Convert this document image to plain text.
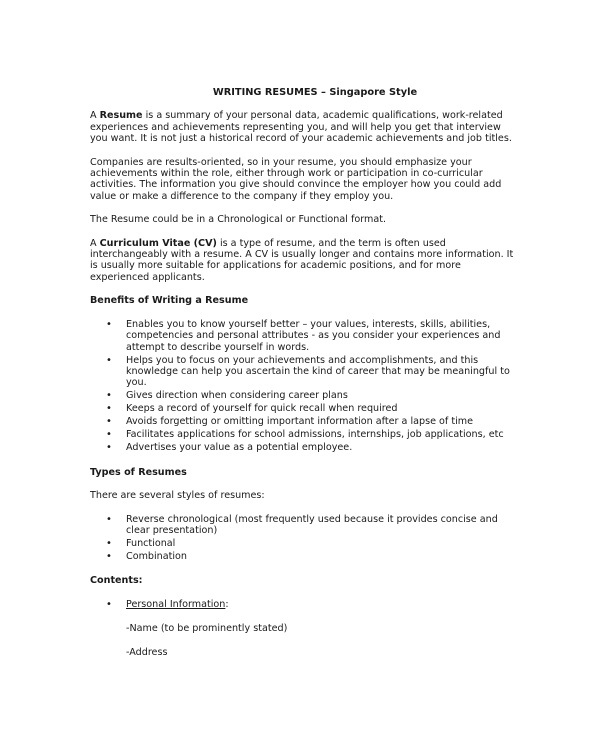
WRITING RESUMES – Singapore Style

A Resume is a summary of your personal data, academic qualifications, work-related experiences and achievements representing you, and will help you get that interview you want. It is not just a historical record of your academic achievements and job titles.

Companies are results-oriented, so in your resume, you should emphasize your achievements within the role, either through work or participation in co-curricular activities. The information you give should convince the employer how you could add value or make a difference to the company if they employ you.

The Resume could be in a Chronological or Functional format.

A Curriculum Vitae (CV) is a type of resume, and the term is often used interchangeably with a resume. A CV is usually longer and contains more information. It is usually more suitable for applications for academic positions, and for more experienced applicants.

Benefits of Writing a Resume
• Enables you to know yourself better – your values, interests, skills, abilities, competencies and personal attributes - as you consider your experiences and attempt to describe yourself in words.
• Helps you to focus on your achievements and accomplishments, and this knowledge can help you ascertain the kind of career that may be meaningful to you.
• Gives direction when considering career plans
• Keeps a record of yourself for quick recall when required
• Avoids forgetting or omitting important information after a lapse of time
• Facilitates applications for school admissions, internships, job applications, etc
• Advertises your value as a potential employee.
Types of Resumes

There are several styles of resumes:

• Reverse chronological (most frequently used because it provides concise and clear presentation)
• Functional
• Combination
Contents:
• Personal Information:
-Name (to be prominently stated)
-Address
